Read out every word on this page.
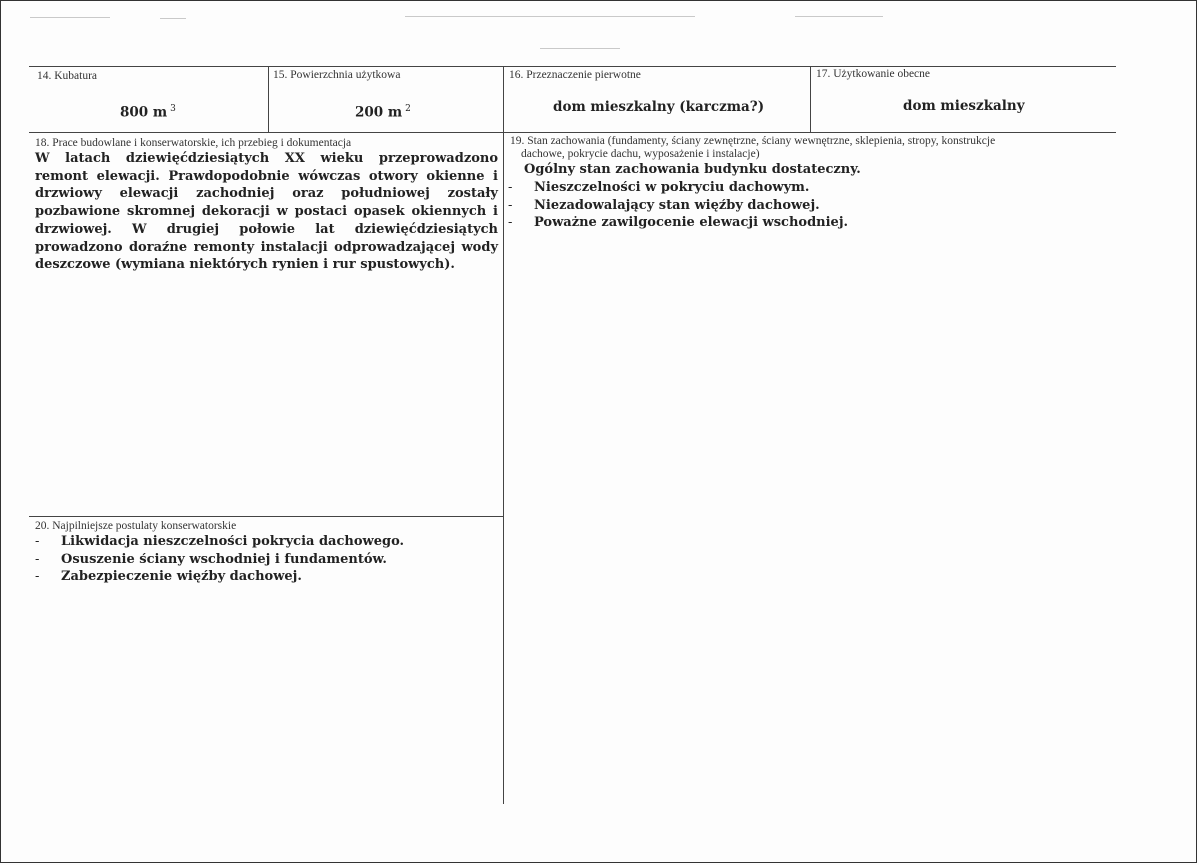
14. Kubatura
800 m $^3$
15. Powierzchnia użytkowa
200 m $^2$
16. Przeznaczenie pierwotne
dom mieszkalny (karczma?)
17. Użytkowanie obecne
dom mieszkalny
18. Prace budowlane i konserwatorskie, ich przebieg i dokumentacja
W latach dziewięćdziesiątych XX wieku przeprowadzono
remont elewacji. Prawdopodobnie wówczas otwory okienne i
drzwiowy elewacji zachodniej oraz południowej zostały
pozbawione skromnej dekoracji w postaci opasek okiennych i
drzwiowej. W drugiej połowie lat dziewięćdziesiątych
prowadzono doraźne remonty instalacji odprowadzającej wody
deszczowe (wymiana niektórych rynien i rur spustowych).
19. Stan zachowania (fundamenty, ściany zewnętrzne, ściany wewnętrzne, sklepienia, stropy, konstrukcje
dachowe, pokrycie dachu, wyposażenie i instalacje)
Ogólny stan zachowania budynku dostateczny.
- Nieszczelności w pokryciu dachowym.
- Niezadowalający stan więźby dachowej.
- Poważne zawilgocenie elewacji wschodniej.
20. Najpilniejsze postulaty konserwatorskie
- Likwidacja nieszczelności pokrycia dachowego.
- Osuszenie ściany wschodniej i fundamentów.
- Zabezpieczenie więźby dachowej.
